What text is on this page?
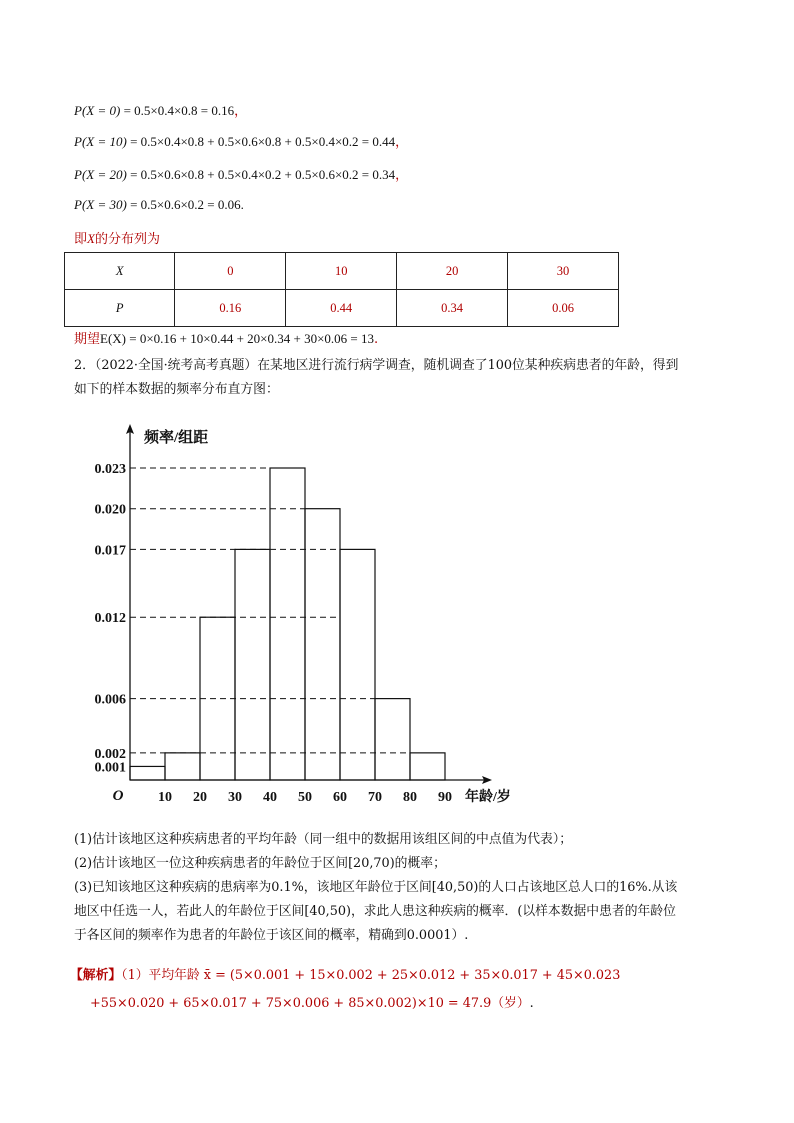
P(X = 0) = 0.5×0.4×0.8 = 0.16，
P(X = 10) = 0.5×0.4×0.8 + 0.5×0.6×0.8 + 0.5×0.4×0.2 = 0.44，
P(X = 20) = 0.5×0.6×0.8 + 0.5×0.4×0.2 + 0.5×0.6×0.2 = 0.34，
P(X = 30) = 0.5×0.6×0.2 = 0.06.
即X的分布列为
X	0	10	20	30
P	0.16	0.44	0.34	0.06
期望E(X) = 0×0.16 + 10×0.44 + 20×0.34 + 30×0.06 = 13.
2．（2022·全国·统考高考真题）在某地区进行流行病学调查，随机调查了100位某种疾病患者的年龄，得到
如下的样本数据的频率分布直方图：
0.023
0.020
0.017
0.012
0.006
0.002
0.001
10 20 30 40 50 60 70 80 90
O
频率/组距
年龄/岁
(1)估计该地区这种疾病患者的平均年龄（同一组中的数据用该组区间的中点值为代表）；
(2)估计该地区一位这种疾病患者的年龄位于区间[20,70)的概率；
(3)已知该地区这种疾病的患病率为0.1%，该地区年龄位于区间[40,50)的人口占该地区总人口的16%.从该
地区中任选一人，若此人的年龄位于区间[40,50)，求此人患这种疾病的概率．(以样本数据中患者的年龄位
于各区间的频率作为患者的年龄位于该区间的概率，精确到0.0001）.
【解析】（1）平均年龄 x̄ = (5×0.001 + 15×0.002 + 25×0.012 + 35×0.017 + 45×0.023
+55×0.020 + 65×0.017 + 75×0.006 + 85×0.002)×10 = 47.9（岁）.
